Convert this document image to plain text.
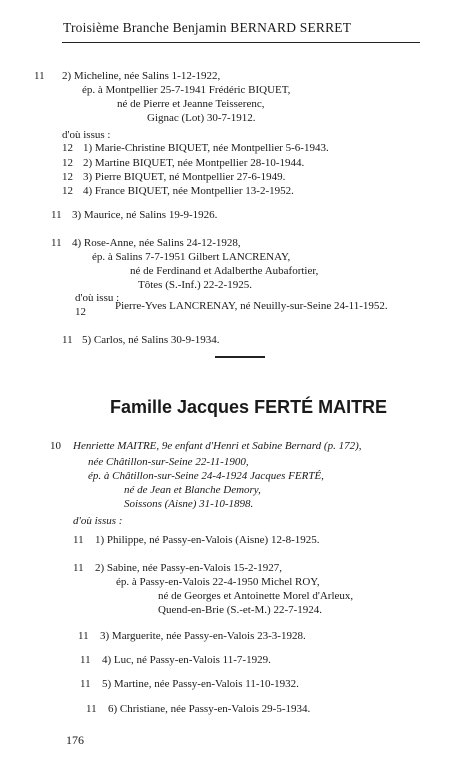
Troisième Branche Benjamin BERNARD SERRET
11 2) Micheline, née Salins 1-12-1922,
ép. à Montpellier 25-7-1941 Frédéric BIQUET,
né de Pierre et Jeanne Teisserenc,
Gignac (Lot) 30-7-1912.
d'où issus :
12 1) Marie-Christine BIQUET, née Montpellier 5-6-1943.
12 2) Martine BIQUET, née Montpellier 28-10-1944.
12 3) Pierre BIQUET, né Montpellier 27-6-1949.
12 4) France BIQUET, née Montpellier 13-2-1952.
11 3) Maurice, né Salins 19-9-1926.
11 4) Rose-Anne, née Salins 24-12-1928,
ép. à Salins 7-7-1951 Gilbert LANCRENAY,
né de Ferdinand et Adalberthe Aubafortier,
Tôtes (S.-Inf.) 22-2-1925.
d'où issu :
12	Pierre-Yves LANCRENAY, né Neuilly-sur-Seine 24-11-1952.
11 5) Carlos, né Salins 30-9-1934.
Famille Jacques FERTÉ MAITRE
10 Henriette MAITRE, 9e enfant d'Henri et Sabine Bernard (p. 172),
née Châtillon-sur-Seine 22-11-1900,
ép. à Châtillon-sur-Seine 24-4-1924 Jacques FERTÉ,
né de Jean et Blanche Demory,
Soissons (Aisne) 31-10-1898.
d'où issus :
11 1) Philippe, né Passy-en-Valois (Aisne) 12-8-1925.
11 2) Sabine, née Passy-en-Valois 15-2-1927,
ép. à Passy-en-Valois 22-4-1950 Michel ROY,
né de Georges et Antoinette Morel d'Arleux,
Quend-en-Brie (S.-et-M.) 22-7-1924.
11 3) Marguerite, née Passy-en-Valois 23-3-1928.
11 4) Luc, né Passy-en-Valois 11-7-1929.
11 5) Martine, née Passy-en-Valois 11-10-1932.
11 6) Christiane, née Passy-en-Valois 29-5-1934.
176
